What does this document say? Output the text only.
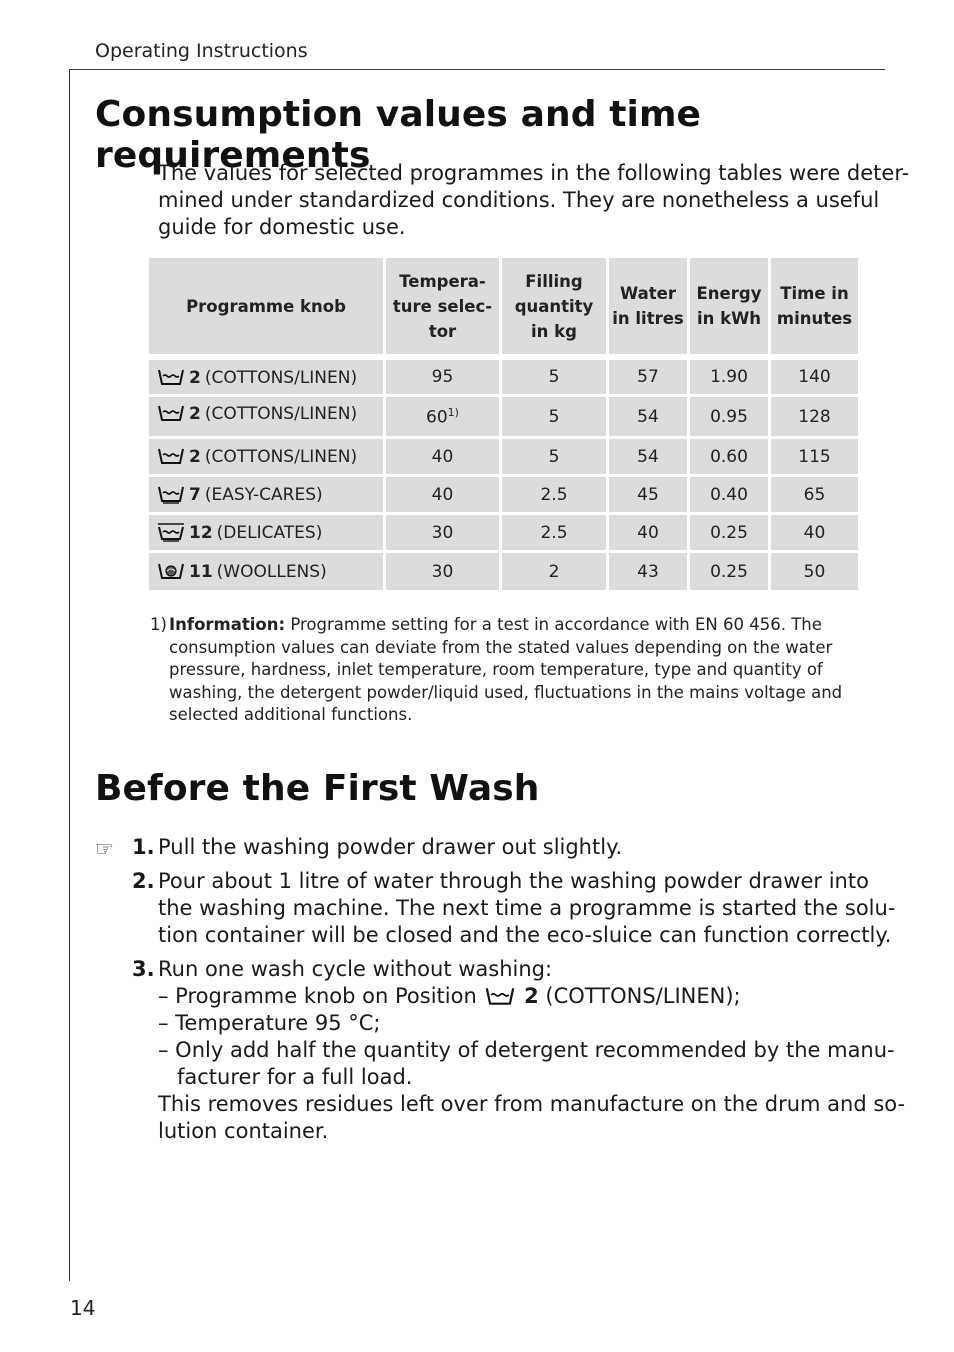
Operating Instructions
Consumption values and time requirements

The values for selected programmes in the following tables were deter-
mined under standardized conditions. They are nonetheless a useful
guide for domestic use.

Programme knob	Tempera-
ture selec-
tor	Filling
quantity
in kg	Water
in litres	Energy
in kWh	Time in
minutes
2 (COTTONS/LINEN)	95	5	57	1.90	140
2 (COTTONS/LINEN)	60$^{1)}$	5	54	0.95	128
2 (COTTONS/LINEN)	40	5	54	0.60	115
7 (EASY-CARES)	40	2.5	45	0.40	65
12 (DELICATES)	30	2.5	40	0.25	40
11 (WOOLLENS)	30	2	43	0.25	50
1) Information: Programme setting for a test in accordance with EN 60 456. The
consumption values can deviate from the stated values depending on the water
pressure, hardness, inlet temperature, room temperature, type and quantity of
washing, the detergent powder/liquid used, fluctuations in the mains voltage and
selected additional functions.
Before the First Wash
☞ 1. Pull the washing powder drawer out slightly.
2. Pour about 1 litre of water through the washing powder drawer into
the washing machine. The next time a programme is started the solu-
tion container will be closed and the eco-sluice can function correctly.
3. Run one wash cycle without washing:
– Programme knob on Position  2 (COTTONS/LINEN);
– Temperature 95 °C;
– Only add half the quantity of detergent recommended by the manu-
facturer for a full load.
This removes residues left over from manufacture on the drum and so-
lution container.
14
